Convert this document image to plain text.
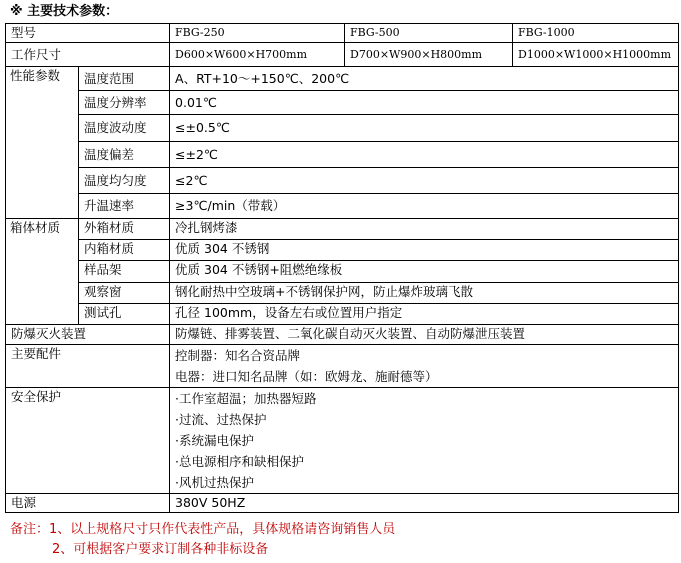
※ 主要技术参数：
型号		FBG-250	FBG-500	FBG-1000
工作尺寸		D600×W600×H700mm	D700×W900×H800mm	D1000×W1000×H1000mm
性能参数	温度范围	A、RT+10～+150℃、200℃		
	温度分辨率	0.01℃		
	温度波动度	≤±0.5℃		
	温度偏差	≤±2℃		
	温度均匀度	≤2℃		
	升温速率	≥3℃/min（带载）		
箱体材质	外箱材质	冷扎钢烤漆		
	内箱材质	优质 304 不锈钢		
	样品架	优质 304 不锈钢+阻燃绝缘板		
	观察窗	钢化耐热中空玻璃+不锈钢保护网，防止爆炸玻璃飞散		
	测试孔	孔径 100mm，设备左右或位置用户指定		
防爆灭火装置		防爆链、排雾装置、二氧化碳自动灭火装置、自动防爆泄压装置		
主要配件		控制器：知名合资品牌
电器：进口知名品牌（如：欧姆龙、施耐德等）		

安全保护		·工作室超温；加热器短路
·过流、过热保护
·系统漏电保护
·总电源相序和缺相保护
·风机过热保护		

电源		380V 50HZ		
备注：1、以上规格尺寸只作代表性产品，具体规格请咨询销售人员
2、可根据客户要求订制各种非标设备
